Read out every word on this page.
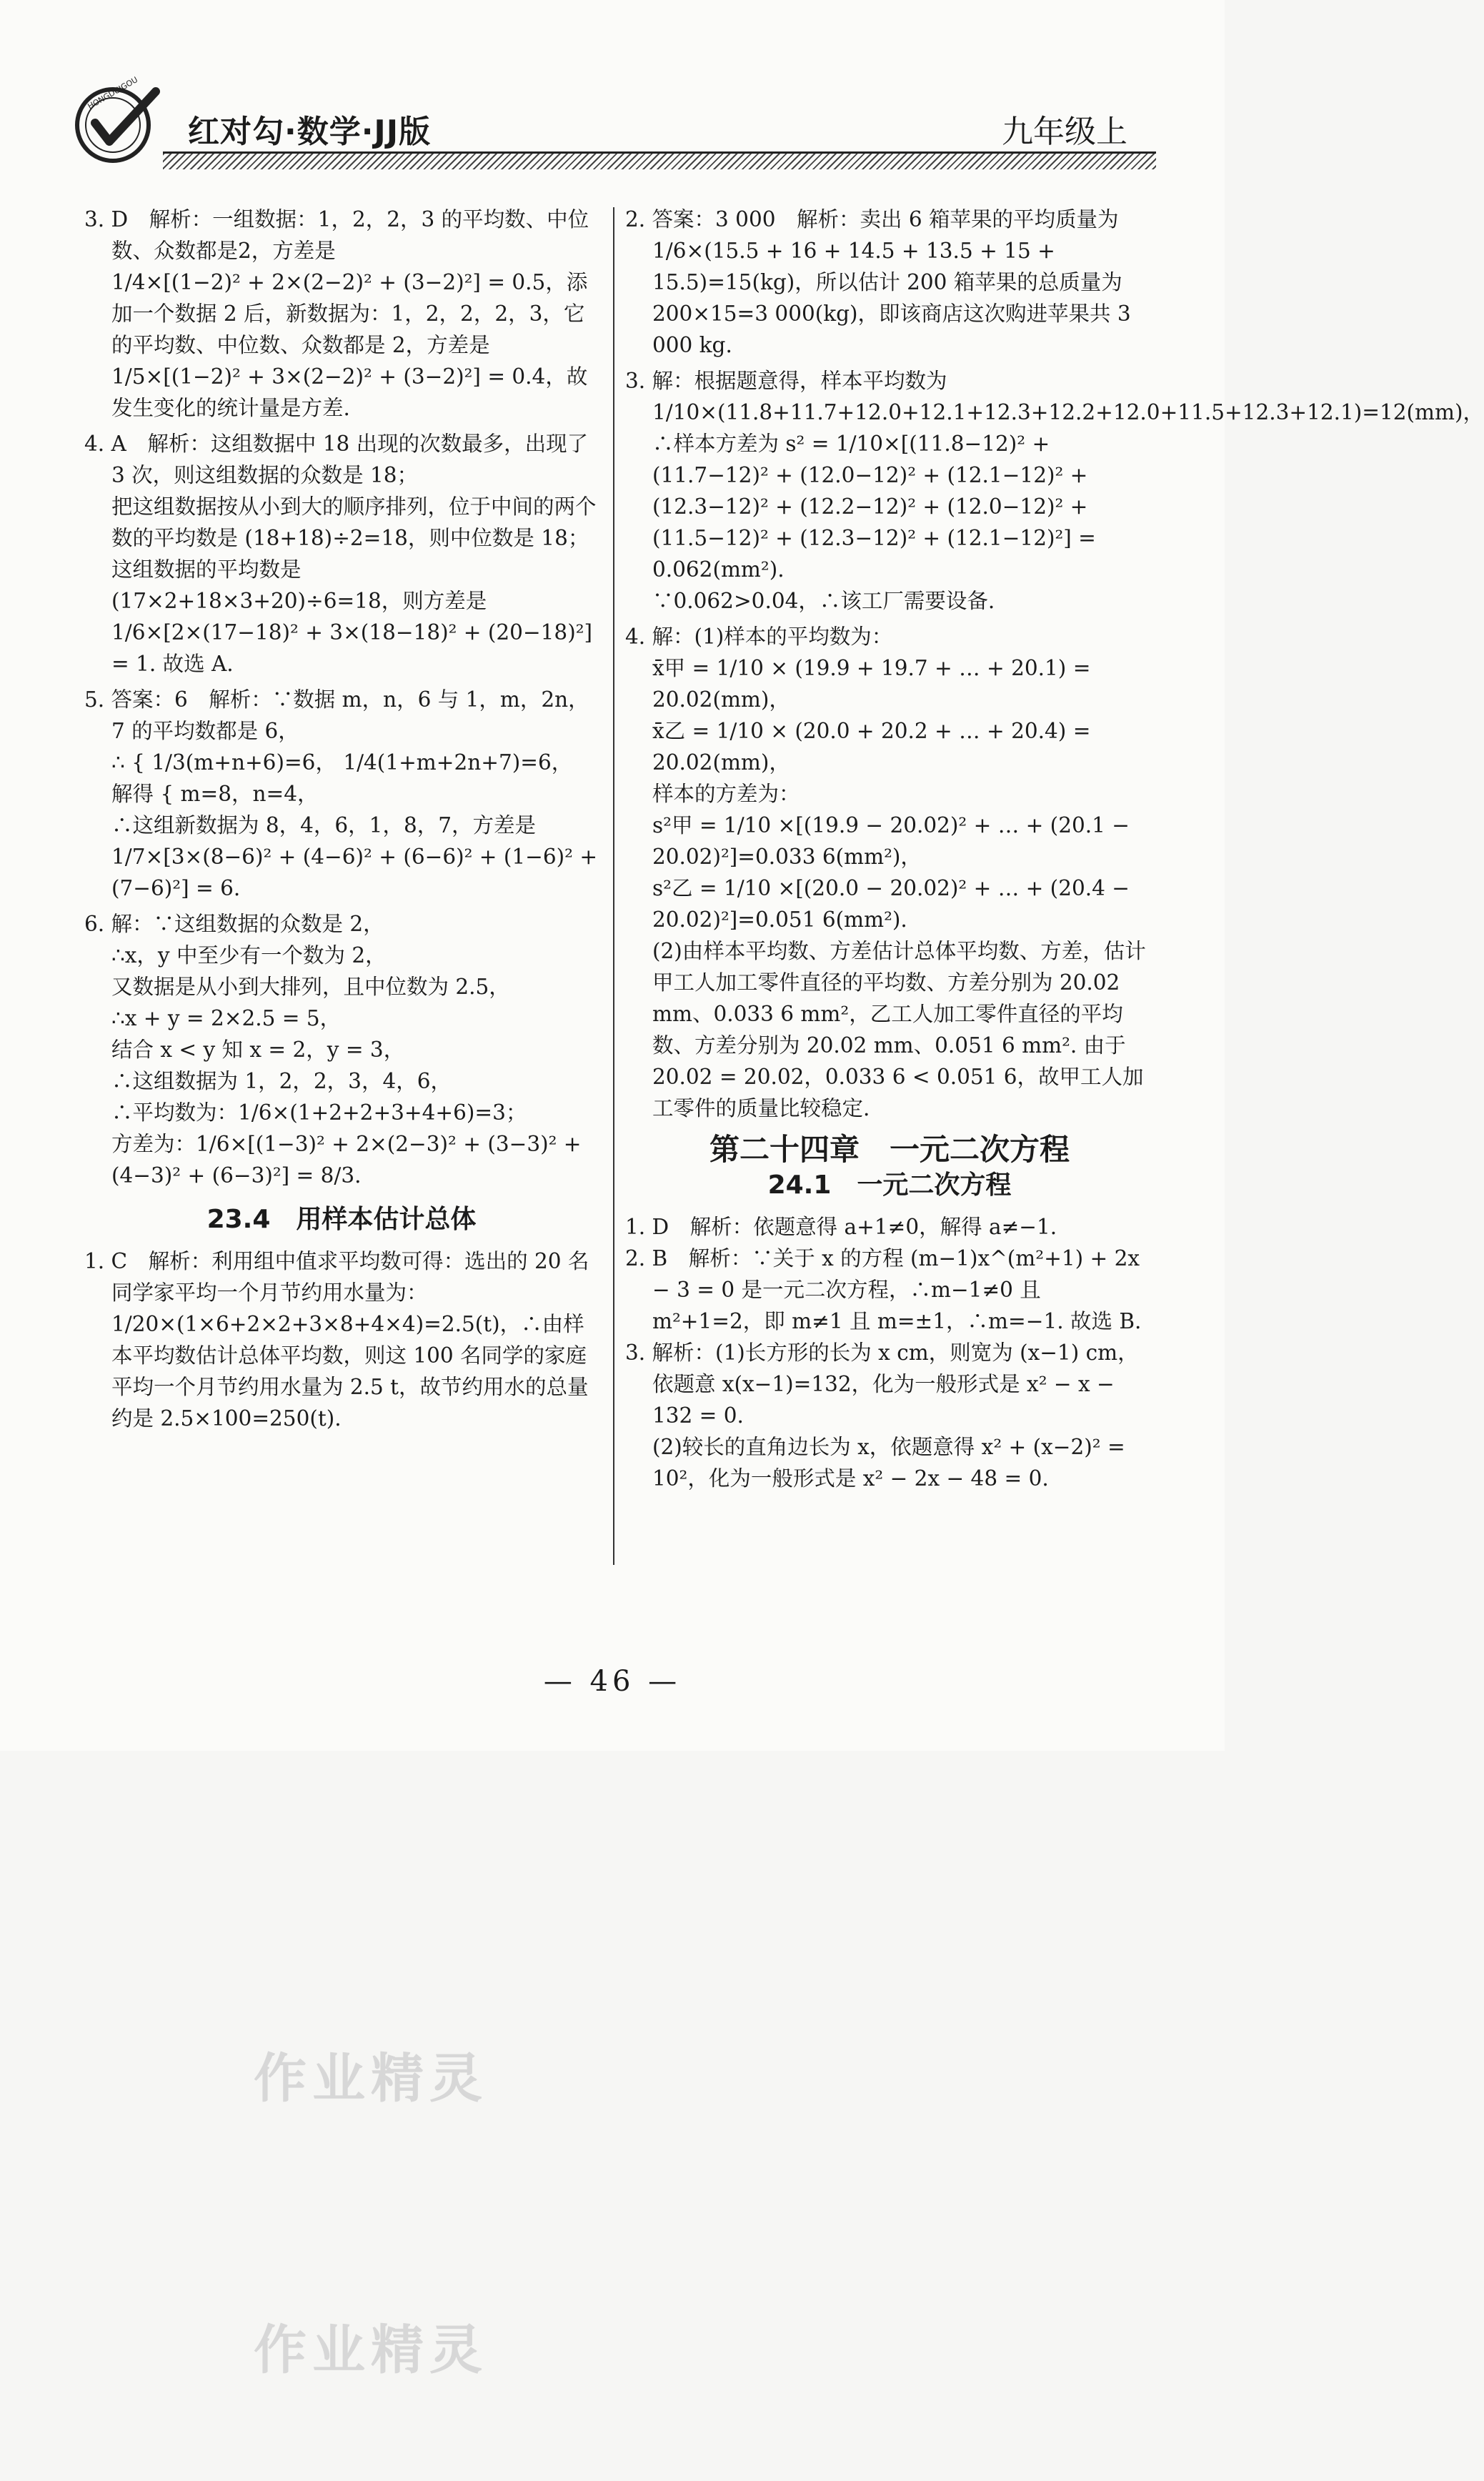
HONGDUIGOU
红对勾·数学·JJ版	九年级上

3. D　解析：一组数据：1，2，2，3 的平均数、中位数、众数都是2，方差是

1/4×[(1−2)² + 2×(2−2)² + (3−2)²] = 0.5，添加一个数据 2 后，新数据为：1，2，2，2，3，它的平均数、中位数、众数都是 2，方差是

1/5×[(1−2)² + 3×(2−2)² + (3−2)²] = 0.4，故发生变化的统计量是方差.

4. A　解析：这组数据中 18 出现的次数最多，出现了 3 次，则这组数据的众数是 18；

把这组数据按从小到大的顺序排列，位于中间的两个数的平均数是 (18+18)÷2=18，则中位数是 18；这组数据的平均数是 (17×2+18×3+20)÷6=18，则方差是

1/6×[2×(17−18)² + 3×(18−18)² + (20−18)²] = 1. 故选 A.

5. 答案：6　解析：∵数据 m，n，6 与 1，m，2n，7 的平均数都是 6，

∴ { 1/3(m+n+6)=6， 1/4(1+m+2n+7)=6， 解得 { m=8，n=4，

∴这组新数据为 8，4，6，1，8，7，方差是

1/7×[3×(8−6)² + (4−6)² + (6−6)² + (1−6)² + (7−6)²] = 6.

6. 解：∵这组数据的众数是 2，

∴x，y 中至少有一个数为 2，

又数据是从小到大排列，且中位数为 2.5，

∴x + y = 2×2.5 = 5，

结合 x < y 知 x = 2，y = 3，

∴这组数据为 1，2，2，3，4，6，

∴平均数为：1/6×(1+2+2+3+4+6)=3；

方差为：1/6×[(1−3)² + 2×(2−3)² + (3−3)² + (4−3)² + (6−3)²] = 8/3.

23.4　用样本估计总体

1. C　解析：利用组中值求平均数可得：选出的 20 名同学家平均一个月节约用水量为：1/20×(1×6+2×2+3×8+4×4)=2.5(t)，∴由样本平均数估计总体平均数，则这 100 名同学的家庭平均一个月节约用水量为 2.5 t，故节约用水的总量约是 2.5×100=250(t).

2. 答案：3 000　解析：卖出 6 箱苹果的平均质量为 1/6×(15.5 + 16 + 14.5 + 13.5 + 15 + 15.5)=15(kg)，所以估计 200 箱苹果的总质量为 200×15=3 000(kg)，即该商店这次购进苹果共 3 000 kg.

3. 解：根据题意得，样本平均数为 1/10×(11.8+11.7+12.0+12.1+12.3+12.2+12.0+11.5+12.3+12.1)=12(mm)，

∴样本方差为 s² = 1/10×[(11.8−12)² + (11.7−12)² + (12.0−12)² + (12.1−12)² + (12.3−12)² + (12.2−12)² + (12.0−12)² + (11.5−12)² + (12.3−12)² + (12.1−12)²] = 0.062(mm²).

∵0.062>0.04，∴该工厂需要设备.

4. 解：(1)样本的平均数为：

x̄甲 = 1/10 × (19.9 + 19.7 + … + 20.1) = 20.02(mm)，

x̄乙 = 1/10 × (20.0 + 20.2 + … + 20.4) = 20.02(mm)，

样本的方差为：

s²甲 = 1/10 ×[(19.9 − 20.02)² + … + (20.1 − 20.02)²]=0.033 6(mm²)，

s²乙 = 1/10 ×[(20.0 − 20.02)² + … + (20.4 − 20.02)²]=0.051 6(mm²).

(2)由样本平均数、方差估计总体平均数、方差，估计甲工人加工零件直径的平均数、方差分别为 20.02 mm、0.033 6 mm²，乙工人加工零件直径的平均数、方差分别为 20.02 mm、0.051 6 mm². 由于 20.02 = 20.02，0.033 6 < 0.051 6，故甲工人加工零件的质量比较稳定.

第二十四章　一元二次方程
24.1　一元二次方程

1. D　解析：依题意得 a+1≠0，解得 a≠−1.

2. B　解析：∵关于 x 的方程 (m−1)x^(m²+1) + 2x − 3 = 0 是一元二次方程，∴m−1≠0 且 m²+1=2，即 m≠1 且 m=±1，∴m=−1. 故选 B.

3. 解析：(1)长方形的长为 x cm，则宽为 (x−1) cm，依题意 x(x−1)=132，化为一般形式是 x² − x − 132 = 0.

(2)较长的直角边长为 x，依题意得 x² + (x−2)² = 10²，化为一般形式是 x² − 2x − 48 = 0.

— 46 —
作业精灵
作业精灵
